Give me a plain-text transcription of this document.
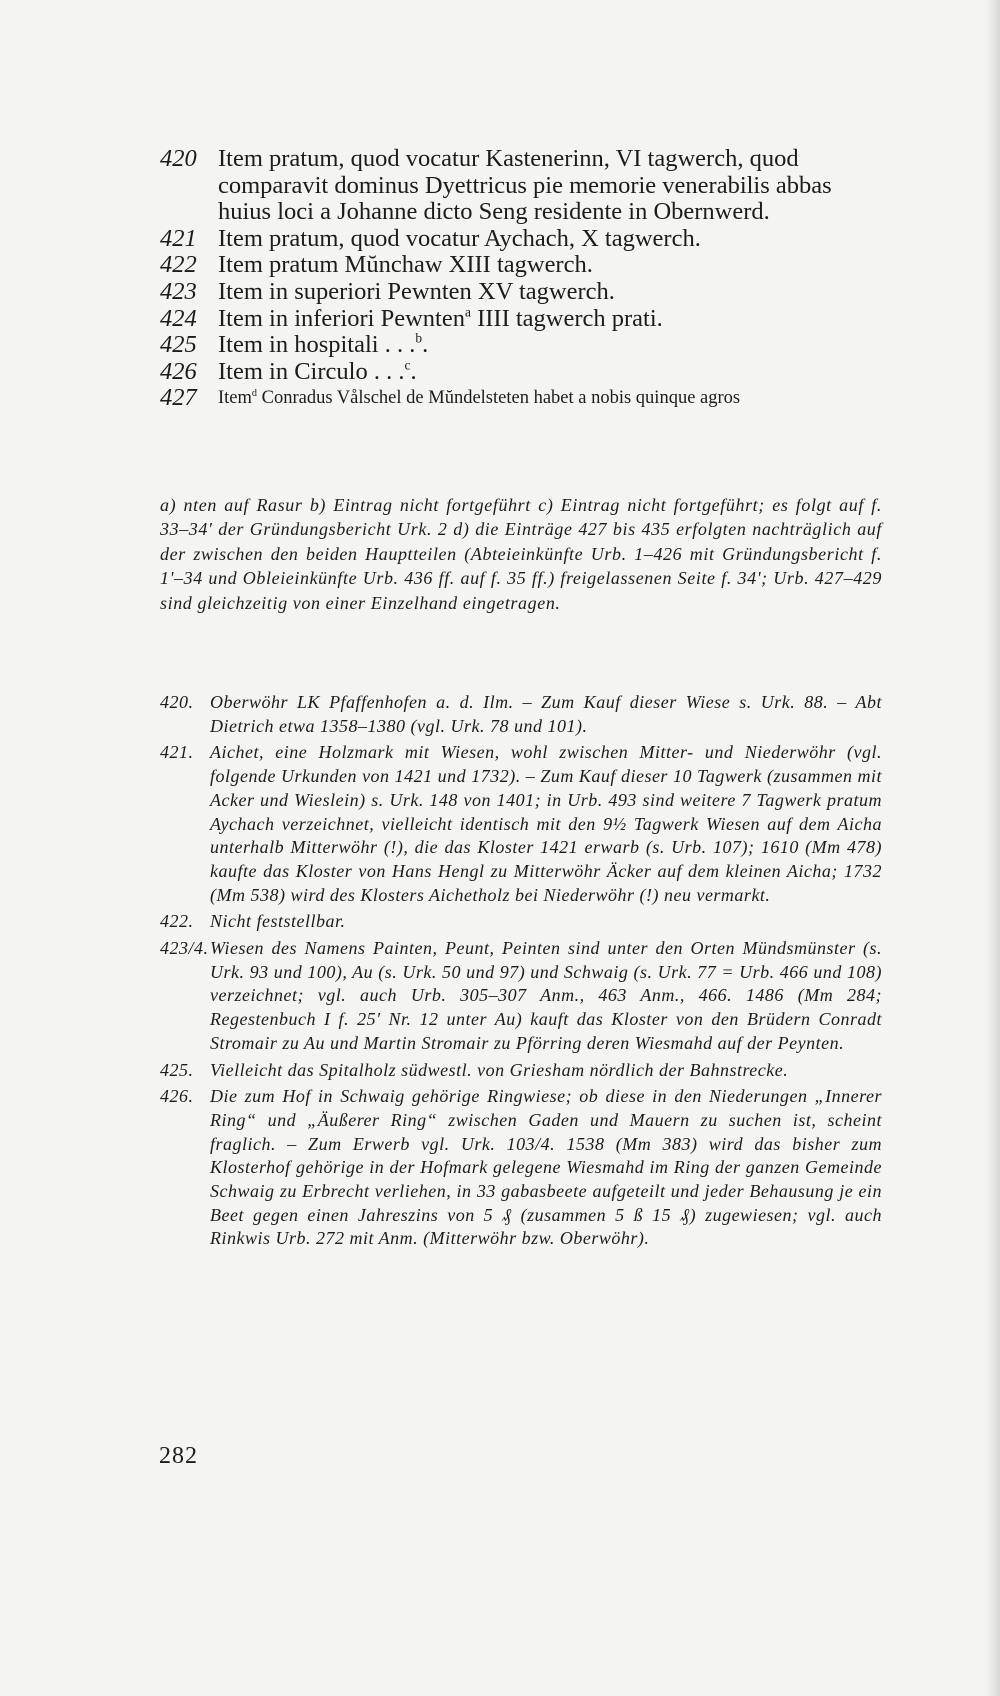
420 Item pratum, quod vocatur Kastenerinn, VI tagwerch, quod comparavit dominus Dyettricus pie memorie venerabilis abbas huius loci a Johanne dicto Seng residente in Obernwerd.
421 Item pratum, quod vocatur Aychach, X tagwerch.
422 Item pratum Mŭnchaw XIII tagwerch.
423 Item in superiori Pewnten XV tagwerch.
424 Item in inferiori Pewnten$^a$ IIII tagwerch prati.
425 Item in hospitali . . .$^b$.
426 Item in Circulo . . .$^c$.
427 Item$^d$ Conradus Vålschel de Mŭndelsteten habet a nobis quinque agros
a) nten auf Rasur b) Eintrag nicht fortgeführt c) Eintrag nicht fortgeführt; es folgt auf f. 33–34' der Gründungsbericht Urk. 2 d) die Einträge 427 bis 435 erfolgten nachträglich auf der zwischen den beiden Hauptteilen (Abteieinkünfte Urb. 1–426 mit Gründungsbericht f. 1'–34 und Obleieinkünfte Urb. 436 ff. auf f. 35 ff.) freigelassenen Seite f. 34'; Urb. 427–429 sind gleichzeitig von einer Einzelhand eingetragen.
420. Oberwöhr LK Pfaffenhofen a. d. Ilm. – Zum Kauf dieser Wiese s. Urk. 88. – Abt Dietrich etwa 1358–1380 (vgl. Urk. 78 und 101).
421. Aichet, eine Holzmark mit Wiesen, wohl zwischen Mitter- und Niederwöhr (vgl. folgende Urkunden von 1421 und 1732). – Zum Kauf dieser 10 Tagwerk (zusammen mit Acker und Wieslein) s. Urk. 148 von 1401; in Urb. 493 sind weitere 7 Tagwerk pratum Aychach verzeichnet, vielleicht identisch mit den 9½ Tagwerk Wiesen auf dem Aicha unterhalb Mitterwöhr (!), die das Kloster 1421 erwarb (s. Urb. 107); 1610 (Mm 478) kaufte das Kloster von Hans Hengl zu Mitterwöhr Äcker auf dem kleinen Aicha; 1732 (Mm 538) wird des Klosters Aichetholz bei Niederwöhr (!) neu vermarkt.
422. Nicht feststellbar.
423/4. Wiesen des Namens Painten, Peunt, Peinten sind unter den Orten Mündsmünster (s. Urk. 93 und 100), Au (s. Urk. 50 und 97) und Schwaig (s. Urk. 77 = Urb. 466 und 108) verzeichnet; vgl. auch Urb. 305–307 Anm., 463 Anm., 466. 1486 (Mm 284; Regestenbuch I f. 25' Nr. 12 unter Au) kauft das Kloster von den Brüdern Conradt Stromair zu Au und Martin Stromair zu Pförring deren Wiesmahd auf der Peynten.
425. Vielleicht das Spitalholz südwestl. von Griesham nördlich der Bahnstrecke.
426. Die zum Hof in Schwaig gehörige Ringwiese; ob diese in den Niederungen „Innerer Ring“ und „Äußerer Ring“ zwischen Gaden und Mauern zu suchen ist, scheint fraglich. – Zum Erwerb vgl. Urk. 103/4. 1538 (Mm 383) wird das bisher zum Klosterhof gehörige in der Hofmark gelegene Wiesmahd im Ring der ganzen Gemeinde Schwaig zu Erbrecht verliehen, in 33 gabasbeete aufgeteilt und jeder Behausung je ein Beet gegen einen Jahreszins von 5 ₰ (zusammen 5 ß 15 ₰) zugewiesen; vgl. auch Rinkwis Urb. 272 mit Anm. (Mitterwöhr bzw. Oberwöhr).
282
